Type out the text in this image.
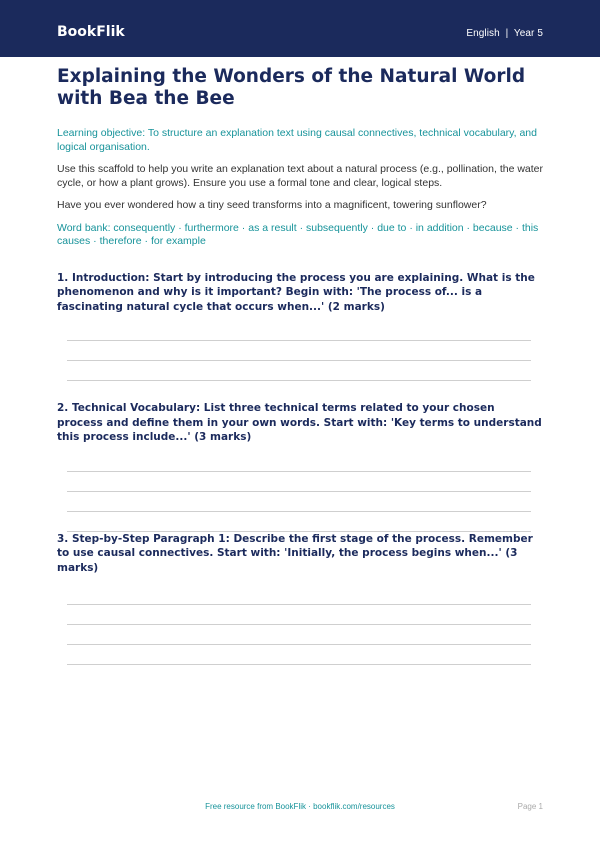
BookFlik	English  |  Year 5
Explaining the Wonders of the Natural World with Bea the Bee

Learning objective: To structure an explanation text using causal connectives, technical vocabulary, and logical organisation.

Use this scaffold to help you write an explanation text about a natural process (e.g., pollination, the water cycle, or how a plant grows). Ensure you use a formal tone and clear, logical steps.

Have you ever wondered how a tiny seed transforms into a magnificent, towering sunflower?

Word bank: consequently · furthermore · as a result · subsequently · due to · in addition · because · this causes · therefore · for example

1. Introduction: Start by introducing the process you are explaining. What is the phenomenon and why is it important? Begin with: 'The process of... is a fascinating natural cycle that occurs when...' (2 marks)

2. Technical Vocabulary: List three technical terms related to your chosen process and define them in your own words. Start with: 'Key terms to understand this process include...' (3 marks)

3. Step-by-Step Paragraph 1: Describe the first stage of the process. Remember to use causal connectives. Start with: 'Initially, the process begins when...' (3 marks)

Free resource from BookFlik · bookflik.com/resources	Page 1
